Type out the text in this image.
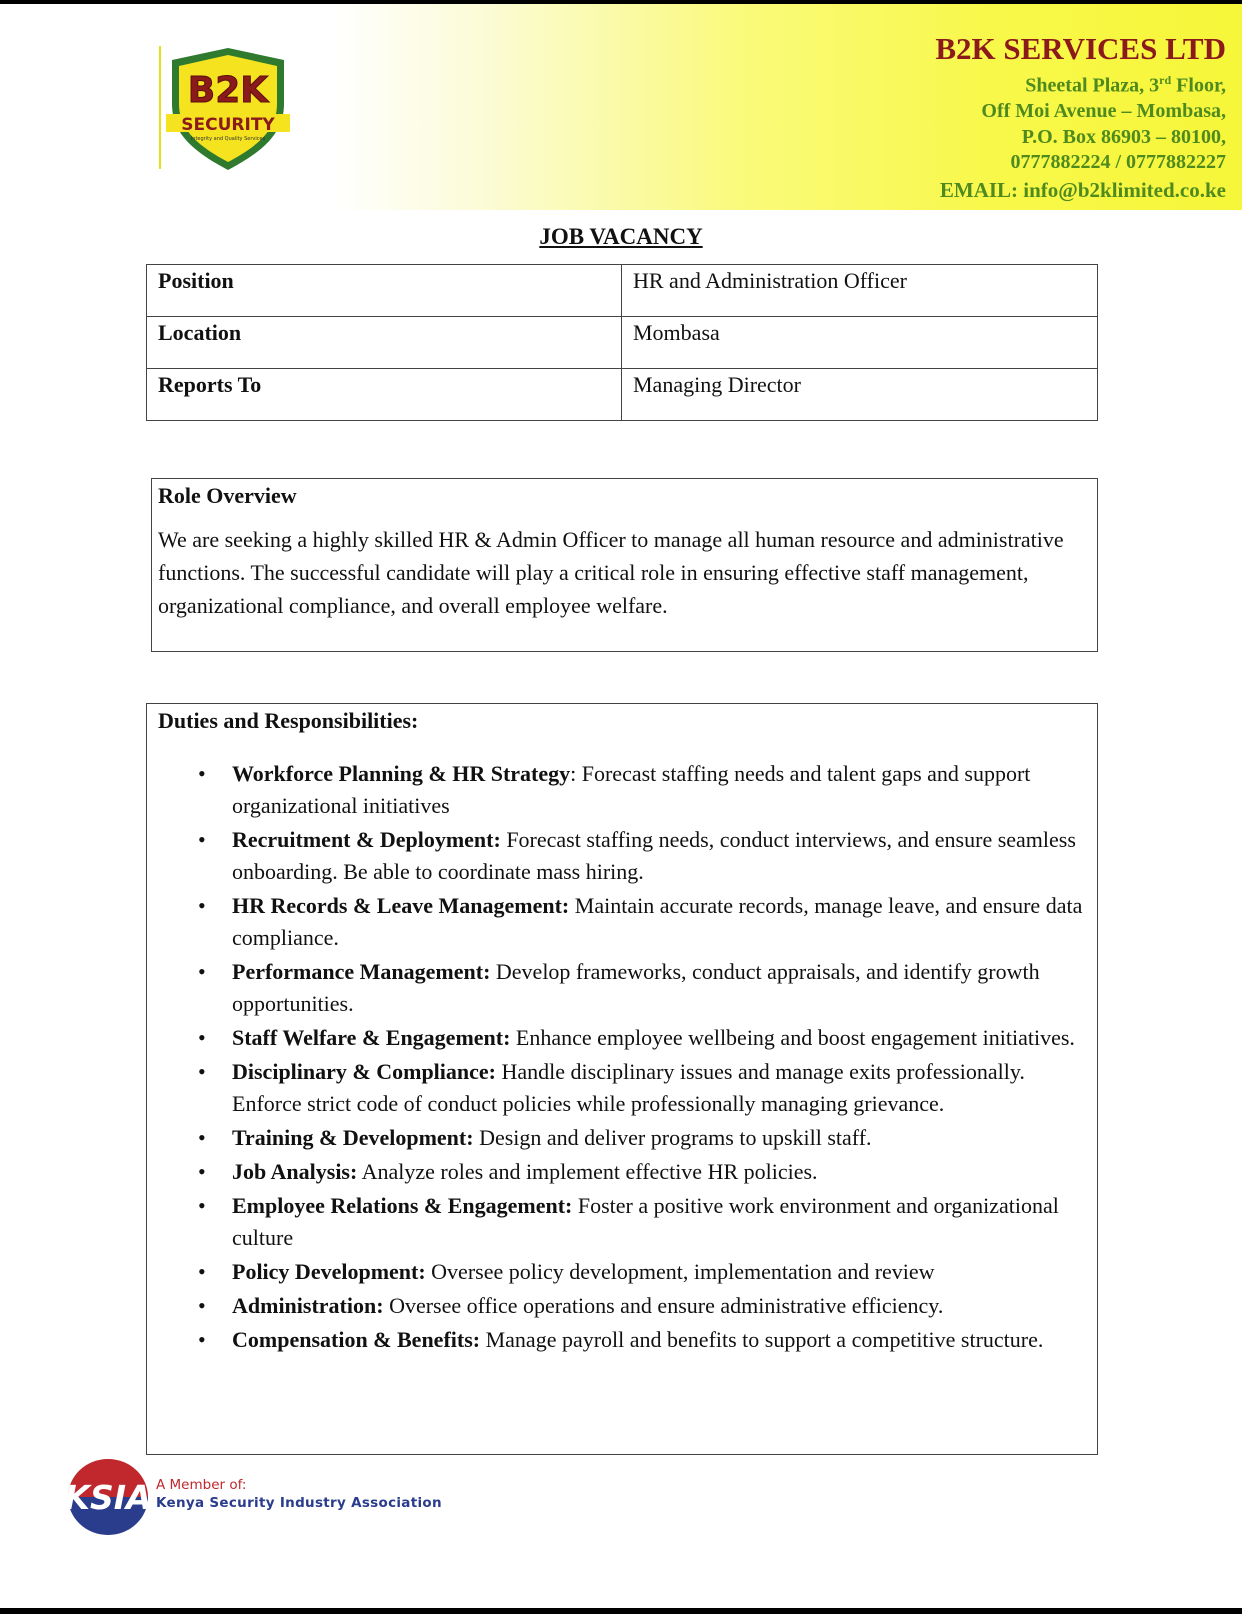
B2K
SECURITY
Integrity and Quality Services
B2K SERVICES LTD
Sheetal Plaza, 3rd Floor,
Off Moi Avenue – Mombasa,
P.O. Box 86903 – 80100,
0777882224 / 0777882227
EMAIL: info@b2klimited.co.ke
JOB VACANCY
Position	HR and Administration Officer
Location	Mombasa
Reports To	Managing Director
Role Overview
We are seeking a highly skilled HR & Admin Officer to manage all human resource and administrative functions. The successful candidate will play a critical role in ensuring effective staff management, organizational compliance, and overall employee welfare.
Duties and Responsibilities:
• Workforce Planning & HR Strategy: Forecast staffing needs and talent gaps and support organizational initiatives
• Recruitment & Deployment: Forecast staffing needs, conduct interviews, and ensure seamless onboarding. Be able to coordinate mass hiring.
• HR Records & Leave Management: Maintain accurate records, manage leave, and ensure data compliance.
• Performance Management: Develop frameworks, conduct appraisals, and identify growth opportunities.
• Staff Welfare & Engagement: Enhance employee wellbeing and boost engagement initiatives.
• Disciplinary & Compliance: Handle disciplinary issues and manage exits professionally. Enforce strict code of conduct policies while professionally managing grievance.
• Training & Development: Design and deliver programs to upskill staff.
• Job Analysis: Analyze roles and implement effective HR policies.
• Employee Relations & Engagement: Foster a positive work environment and organizational culture
• Policy Development: Oversee policy development, implementation and review
• Administration: Oversee office operations and ensure administrative efficiency.
• Compensation & Benefits: Manage payroll and benefits to support a competitive structure.
KSIA A Member of:
Kenya Security Industry Association
